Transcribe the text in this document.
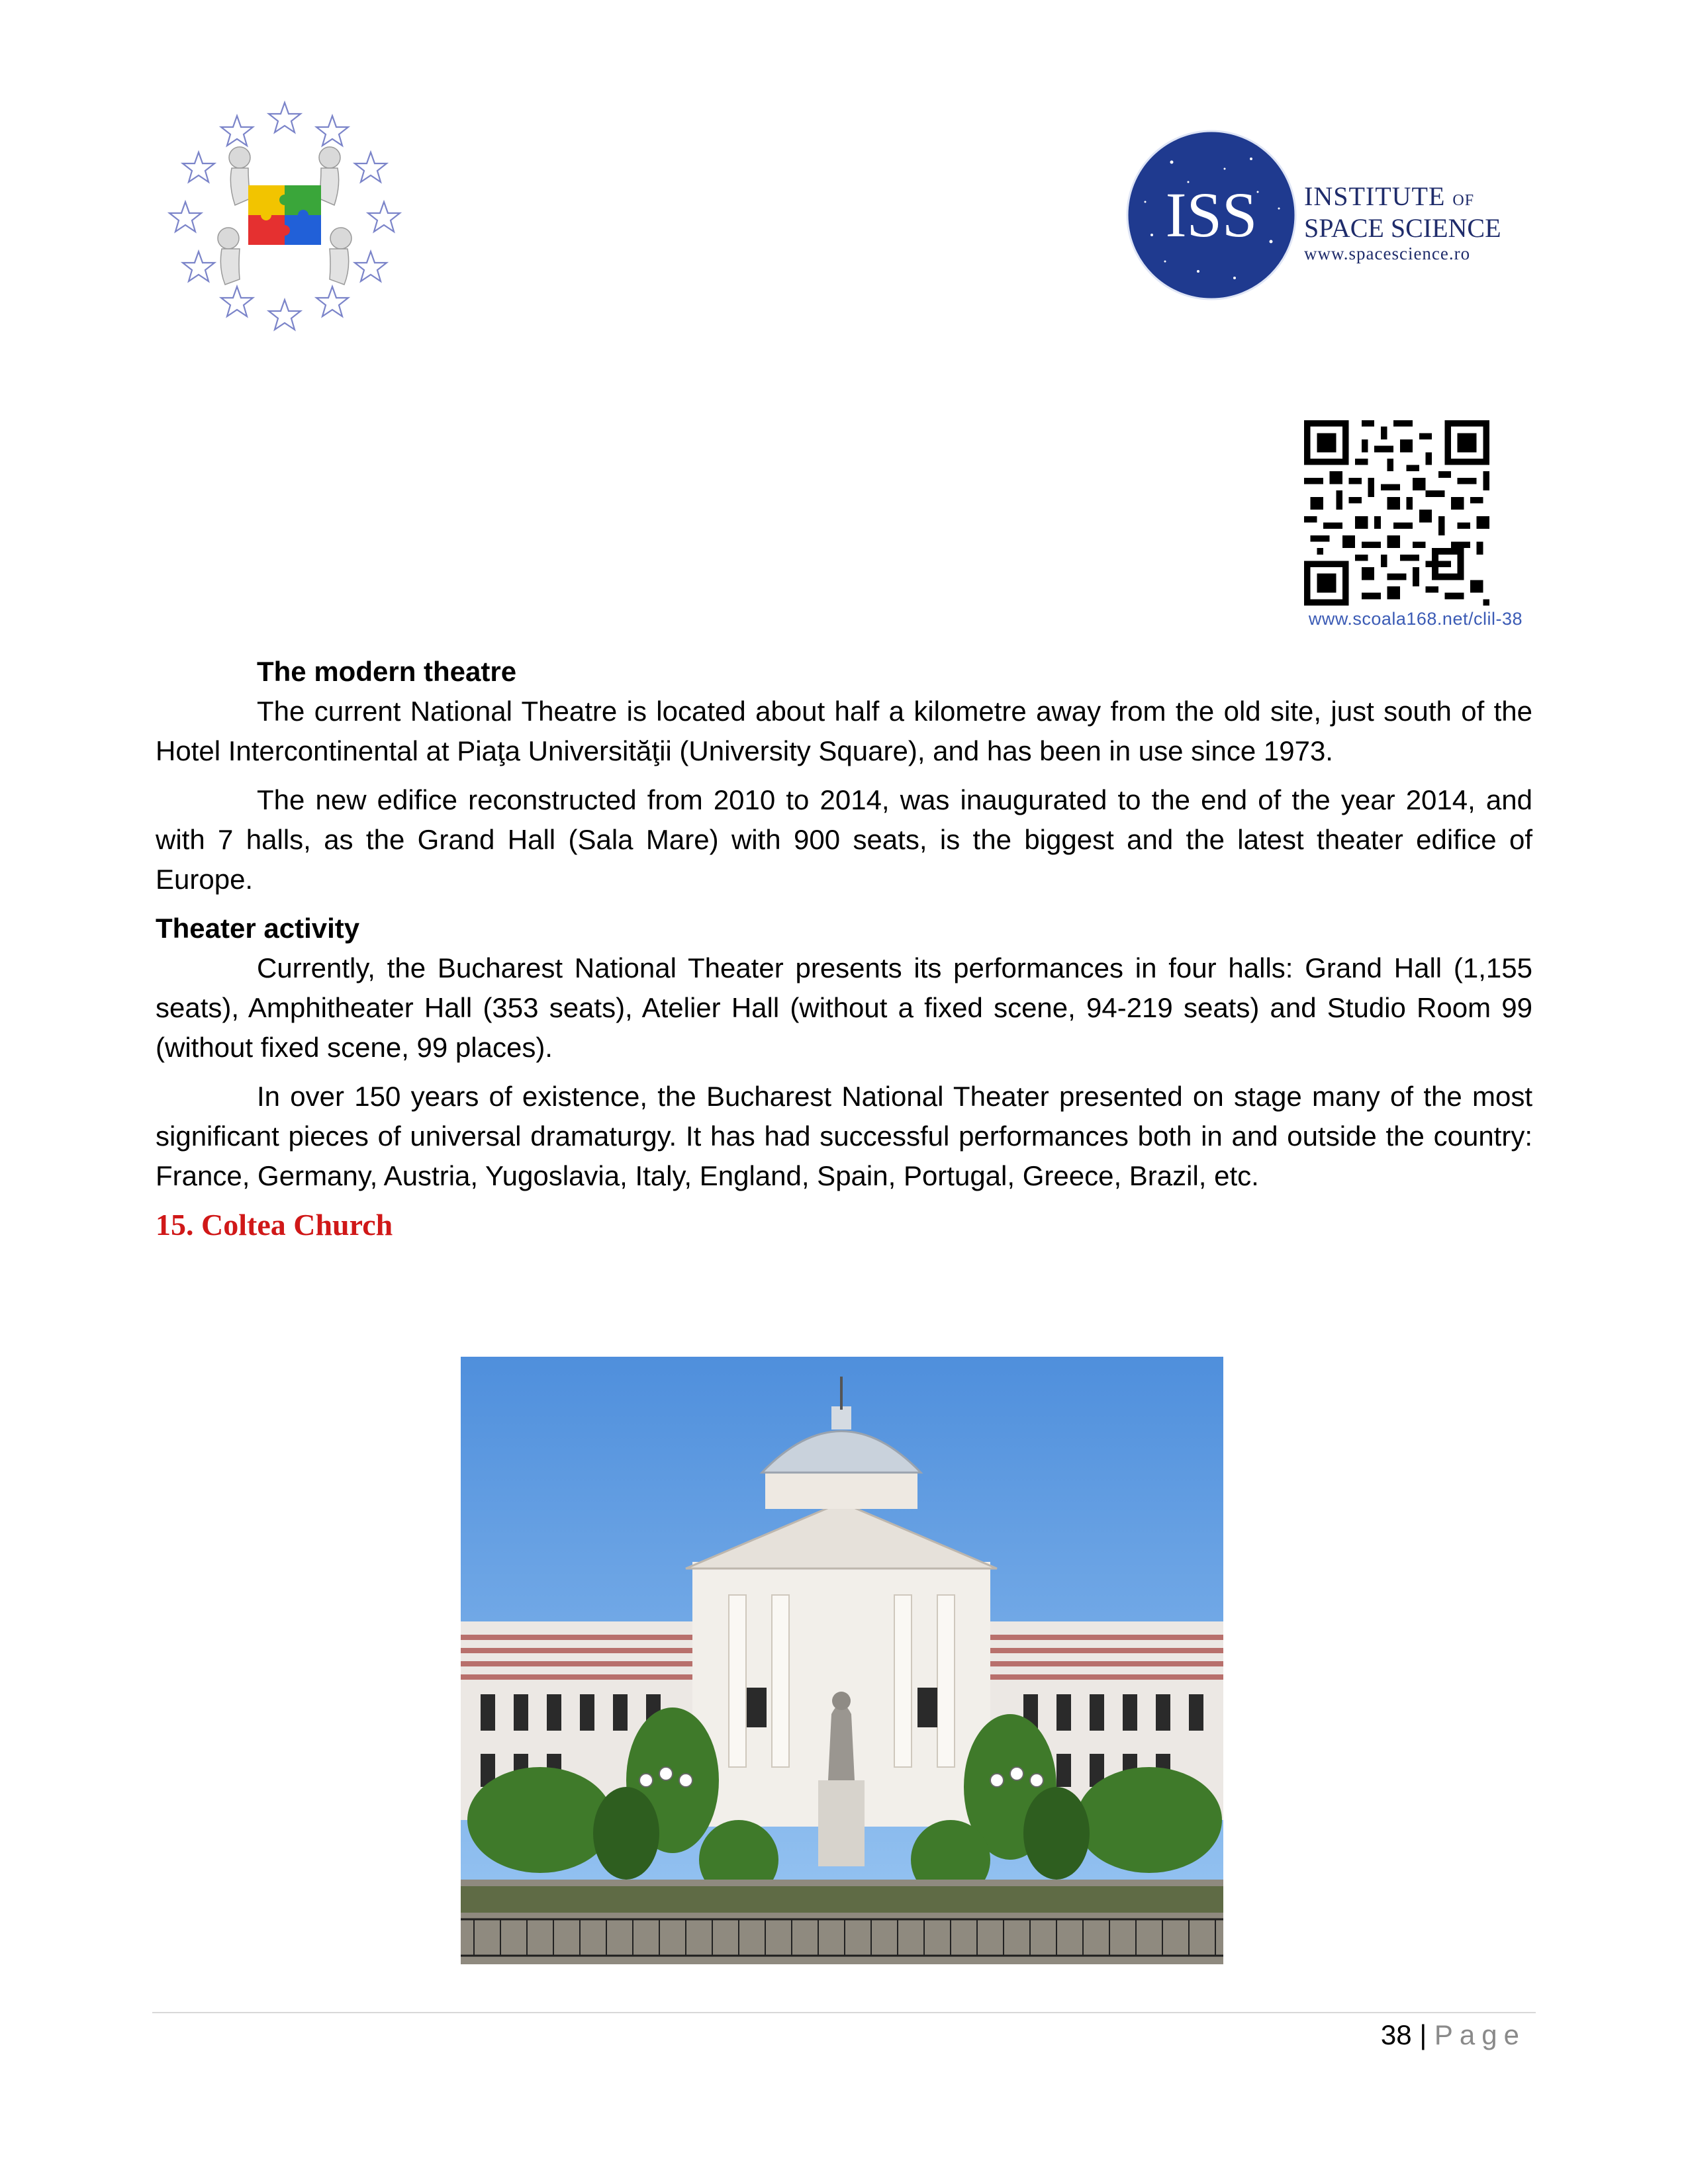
ISS INSTITUTE OF
SPACE SCIENCE
www.spacescience.ro
www.scoala168.net/clil-38
The modern theatre

The current National Theatre is located about half a kilometre away from the old site, just south of the Hotel Intercontinental at Piaţa Universităţii (University Square), and has been in use since 1973.

The new edifice reconstructed from 2010 to 2014, was inaugurated to the end of the year 2014, and with 7 halls, as the Grand Hall (Sala Mare) with 900 seats, is the biggest and the latest theater edifice of Europe.

Theater activity

Currently, the Bucharest National Theater presents its performances in four halls: Grand Hall (1,155 seats), Amphitheater Hall (353 seats), Atelier Hall (without a fixed scene, 94-219 seats) and Studio Room 99 (without fixed scene, 99 places).

In over 150 years of existence, the Bucharest National Theater presented on stage many of the most significant pieces of universal dramaturgy. It has had successful performances both in and outside the country: France, Germany, Austria, Yugoslavia, Italy, England, Spain, Portugal, Greece, Brazil, etc.

15. Coltea Church
38 | Page
